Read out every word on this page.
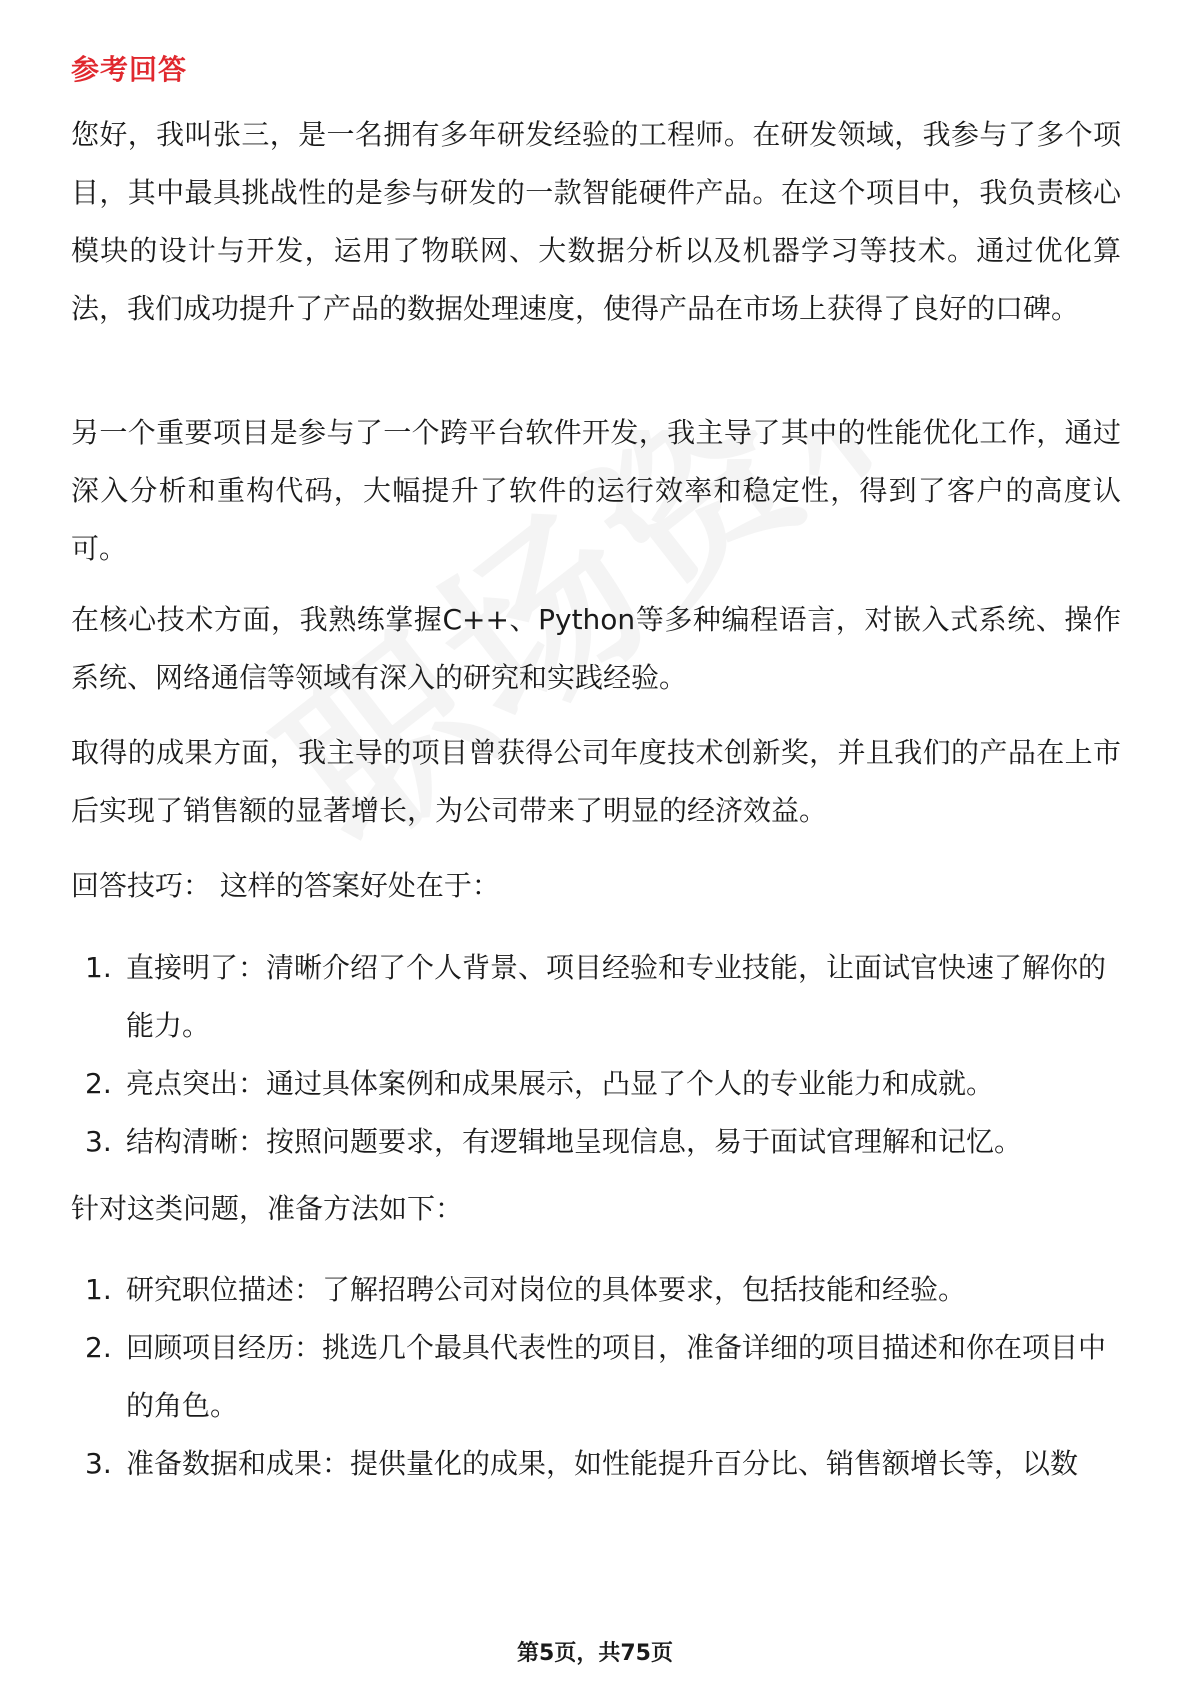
参考回答

您好，我叫张三，是一名拥有多年研发经验的工程师。在研发领域，我参与了多个项目，其中最具挑战性的是参与研发的一款智能硬件产品。在这个项目中，我负责核心模块的设计与开发，运用了物联网、大数据分析以及机器学习等技术。通过优化算法，我们成功提升了产品的数据处理速度，使得产品在市场上获得了良好的口碑。

另一个重要项目是参与了一个跨平台软件开发，我主导了其中的性能优化工作，通过深入分析和重构代码，大幅提升了软件的运行效率和稳定性，得到了客户的高度认可。

在核心技术方面，我熟练掌握C++、Python等多种编程语言，对嵌入式系统、操作系统、网络通信等领域有深入的研究和实践经验。

取得的成果方面，我主导的项目曾获得公司年度技术创新奖，并且我们的产品在上市后实现了销售额的显著增长，为公司带来了明显的经济效益。

回答技巧： 这样的答案好处在于：

1. 直接明了：清晰介绍了个人背景、项目经验和专业技能，让面试官快速了解你的能力。
2. 亮点突出：通过具体案例和成果展示，凸显了个人的专业能力和成就。
3. 结构清晰：按照问题要求，有逻辑地呈现信息，易于面试官理解和记忆。

针对这类问题，准备方法如下：

1. 研究职位描述：了解招聘公司对岗位的具体要求，包括技能和经验。
2. 回顾项目经历：挑选几个最具代表性的项目，准备详细的项目描述和你在项目中的角色。
3. 准备数据和成果：提供量化的成果，如性能提升百分比、销售额增长等，以数
第5页，共75页
